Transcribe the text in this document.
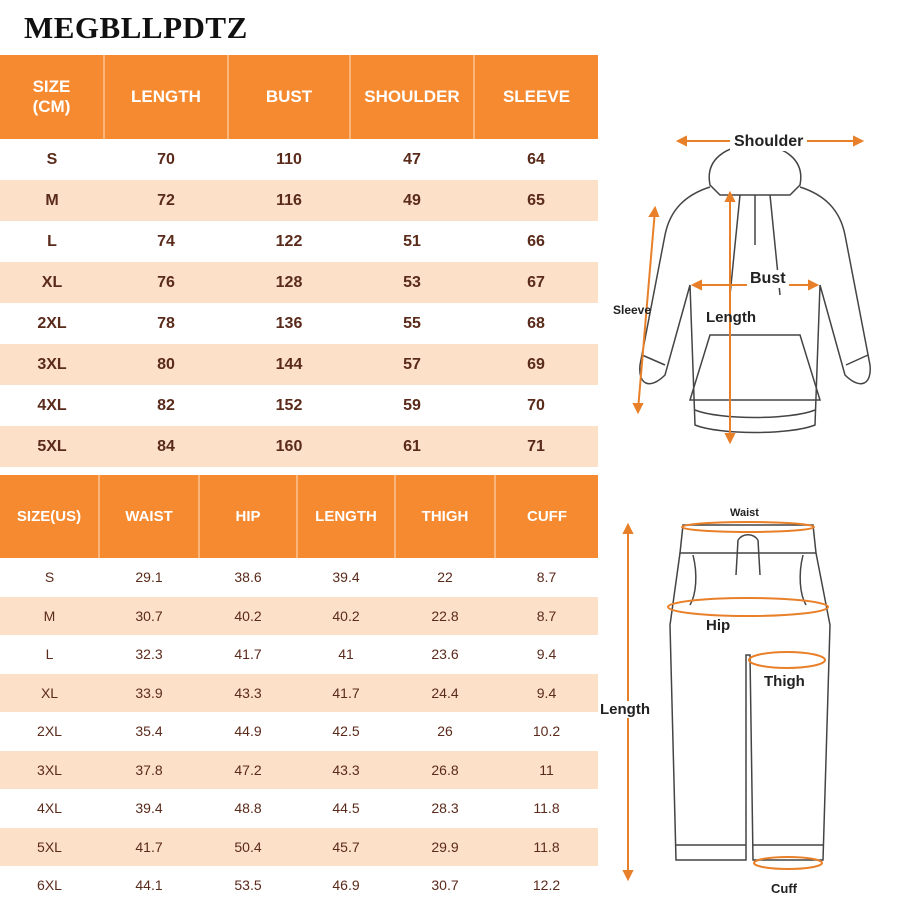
MEGBLLPDTZ
SIZE
(CM)	LENGTH	BUST	SHOULDER	SLEEVE
S	70	110	47	64
M	72	116	49	65
L	74	122	51	66
XL	76	128	53	67
2XL	78	136	55	68
3XL	80	144	57	69
4XL	82	152	59	70
5XL	84	160	61	71
SIZE(US)	WAIST	HIP	LENGTH	THIGH	CUFF
S	29.1	38.6	39.4	22	8.7
M	30.7	40.2	40.2	22.8	8.7
L	32.3	41.7	41	23.6	9.4
XL	33.9	43.3	41.7	24.4	9.4
2XL	35.4	44.9	42.5	26	10.2
3XL	37.8	47.2	43.3	26.8	11
4XL	39.4	48.8	44.5	28.3	11.8
5XL	41.7	50.4	45.7	29.9	11.8
6XL	44.1	53.5	46.9	30.7	12.2
Shoulder
Bust
Sleeve	Length
Waist
Hip
Thigh
Length
Cuff
